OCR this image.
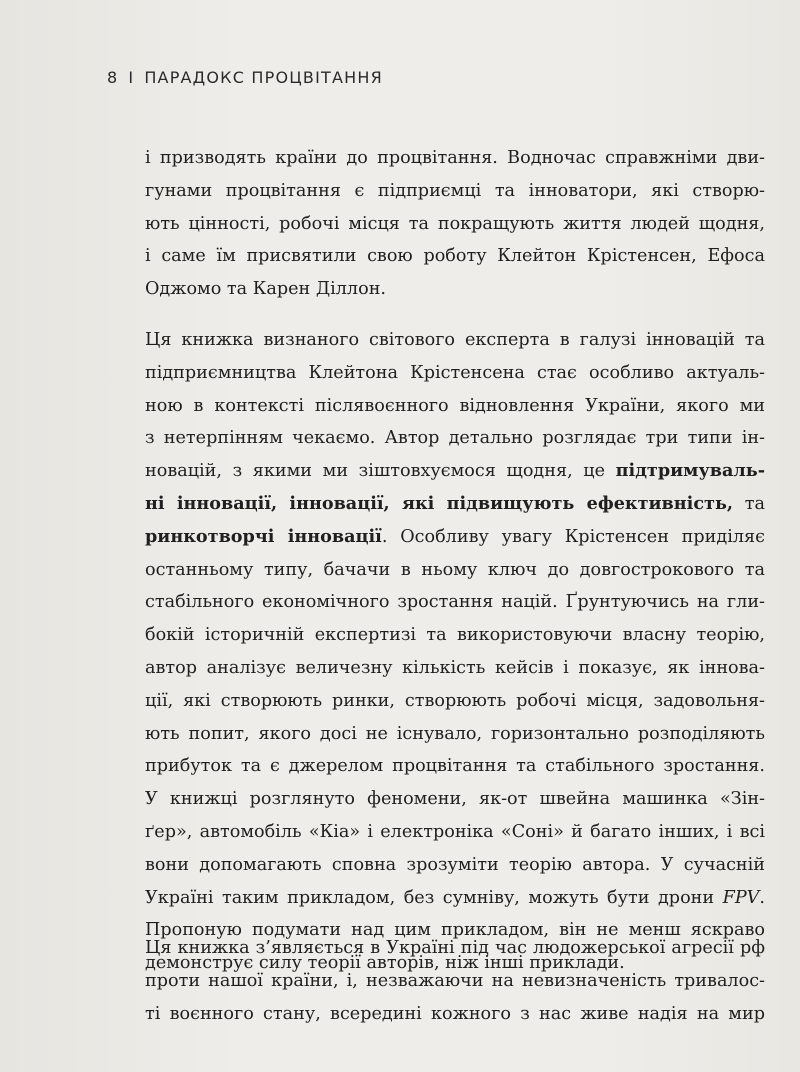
8 I ПАРАДОКС ПРОЦВІТАННЯ
і призводять країни до процвітання. Водночас справжніми дви-
гунами процвітання є підприємці та інноватори, які створю-
ють цінності, робочі місця та покращують життя людей щодня,
і саме їм присвятили свою роботу Клейтон Крістенсен, Ефоса
Оджомо та Карен Діллон.
Ця книжка визнаного світового експерта в галузі інновацій та
підприємництва Клейтона Крістенсена стає особливо актуаль-
ною в контексті післявоєнного відновлення України, якого ми
з нетерпінням чекаємо. Автор детально розглядає три типи ін-
новацій, з якими ми зіштовхуємося щодня, це підтримуваль-
ні інновації, інновації, які підвищують ефективність, та
ринкотворчі інновації. Особливу увагу Крістенсен приділяє
останньому типу, бачачи в ньому ключ до довгострокового та
стабільного економічного зростання націй. Ґрунтуючись на гли-
бокій історичній експертизі та використовуючи власну теорію,
автор аналізує величезну кількість кейсів і показує, як іннова-
ції, які створюють ринки, створюють робочі місця, задовольня-
ють попит, якого досі не існувало, горизонтально розподіляють
прибуток та є джерелом процвітання та стабільного зростання.
У книжці розглянуто феномени, як-от швейна машинка «Зін-
ґер», автомобіль «Кіа» і електроніка «Соні» й багато інших, і всі
вони допомагають сповна зрозуміти теорію автора. У сучасній
Україні таким прикладом, без сумніву, можуть бути дрони FPV.
Пропоную подумати над цим прикладом, він не менш яскраво
демонструє силу теорії авторів, ніж інші приклади.
Ця книжка з’являється в Україні під час людожерської агресії рф
проти нашої країни, і, незважаючи на невизначеність тривалос-
ті воєнного стану, всередині кожного з нас живе надія на мир
